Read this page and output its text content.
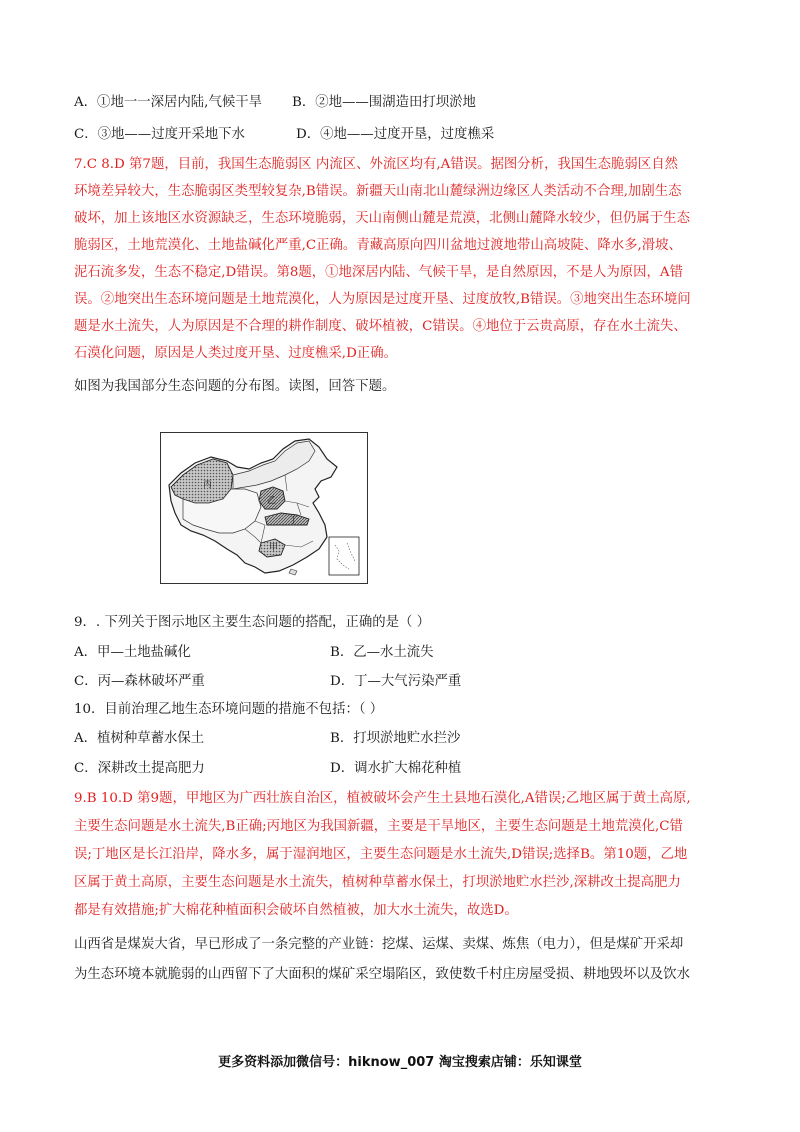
A．①地一一深居内陆,气候干旱 B．②地——围湖造田打坝淤地
C．③地——过度开采地下水	D．④地——过度开垦，过度樵采
7.C 8.D 第7题，目前，我国生态脆弱区 内流区、外流区均有,A错误。据图分析，我国生态脆弱区自然
环境差异较大，生态脆弱区类型较复杂,B错误。新疆天山南北山麓绿洲边缘区人类活动不合理,加剧生态
破坏，加上该地区水资源缺乏，生态环境脆弱，天山南侧山麓是荒漠，北侧山麓降水较少，但仍属于生态
脆弱区，土地荒漠化、土地盐碱化严重,C正确。青藏高原向四川盆地过渡地带山高坡陡、降水多,滑坡、
泥石流多发，生态不稳定,D错误。第8题，①地深居内陆、气候干旱，是自然原因，不是人为原因，A错
误。②地突出生态环境问题是土地荒漠化，人为原因是过度开垦、过度放牧,B错误。③地突出生态环境问
题是水土流失，人为原因是不合理的耕作制度、破坏植被，C错误。④地位于云贵高原，存在水土流失、
石漠化问题，原因是人类过度开垦、过度樵采,D正确。
如图为我国部分生态问题的分布图。读图，回答下题。
丙
乙
丁
甲
9．. 下列关于图示地区主要生态问题的搭配，正确的是（ ）
A．甲—土地盐碱化	B．乙—水土流失
C．丙—森林破坏严重	D．丁—大气污染严重
10．目前治理乙地生态环境问题的措施不包括：（ ）
A．植树种草蓄水保土	B．打坝淤地贮水拦沙
C．深耕改土提高肥力	D．调水扩大棉花种植
9.B 10.D 第9题，甲地区为广西壮族自治区，植被破坏会产生土县地石漠化,A错误;乙地区属于黄土高原,
主要生态问题是水土流失,B正确;丙地区为我国新疆，主要是干旱地区，主要生态问题是土地荒漠化,C错
误;丁地区是长江沿岸，降水多，属于湿润地区，主要生态问题是水土流失,D错误;选择B。第10题，乙地
区属于黄土高原，主要生态问题是水土流失，植树种草蓄水保土，打坝淤地贮水拦沙,深耕改土提高肥力
都是有效措施;扩大棉花种植面积会破坏自然植被，加大水土流失，故选D。
山西省是煤炭大省，早已形成了一条完整的产业链：挖煤、运煤、卖煤、炼焦（电力），但是煤矿开采却
为生态环境本就脆弱的山西留下了大面积的煤矿采空塌陷区，致使数千村庄房屋受损、耕地毁坏以及饮水
更多资料添加微信号：hiknow_007 淘宝搜索店铺：乐知课堂
